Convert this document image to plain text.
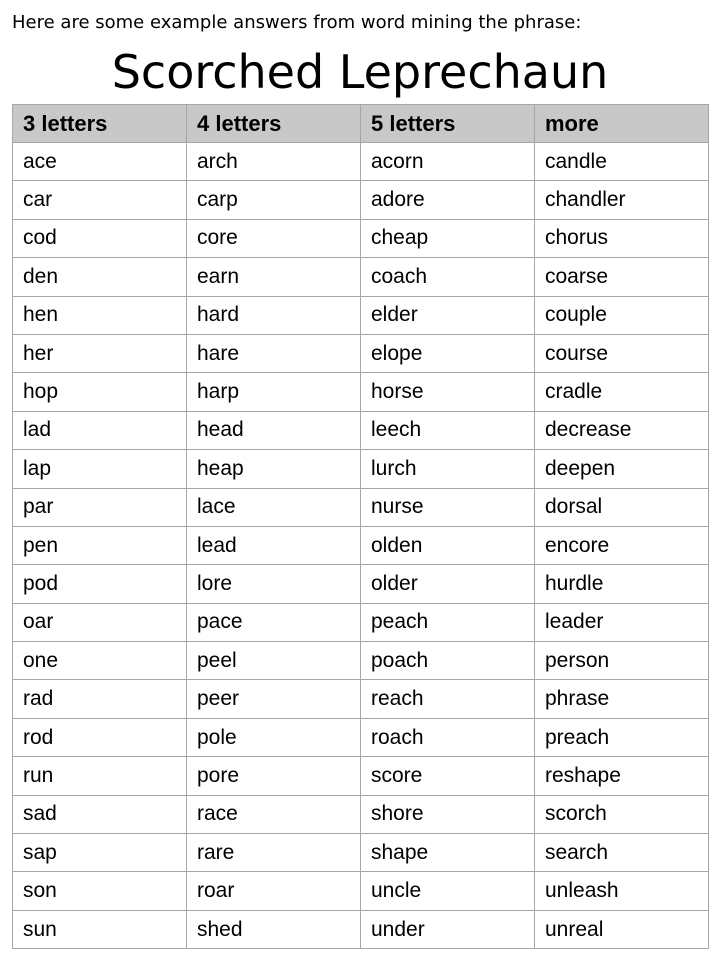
Here are some example answers from word mining the phrase:
Scorched Leprechaun
3 letters	4 letters	5 letters	more
ace	arch	acorn	candle
car	carp	adore	chandler
cod	core	cheap	chorus
den	earn	coach	coarse
hen	hard	elder	couple
her	hare	elope	course
hop	harp	horse	cradle
lad	head	leech	decrease
lap	heap	lurch	deepen
par	lace	nurse	dorsal
pen	lead	olden	encore
pod	lore	older	hurdle
oar	pace	peach	leader
one	peel	poach	person
rad	peer	reach	phrase
rod	pole	roach	preach
run	pore	score	reshape
sad	race	shore	scorch
sap	rare	shape	search
son	roar	uncle	unleash
sun	shed	under	unreal
